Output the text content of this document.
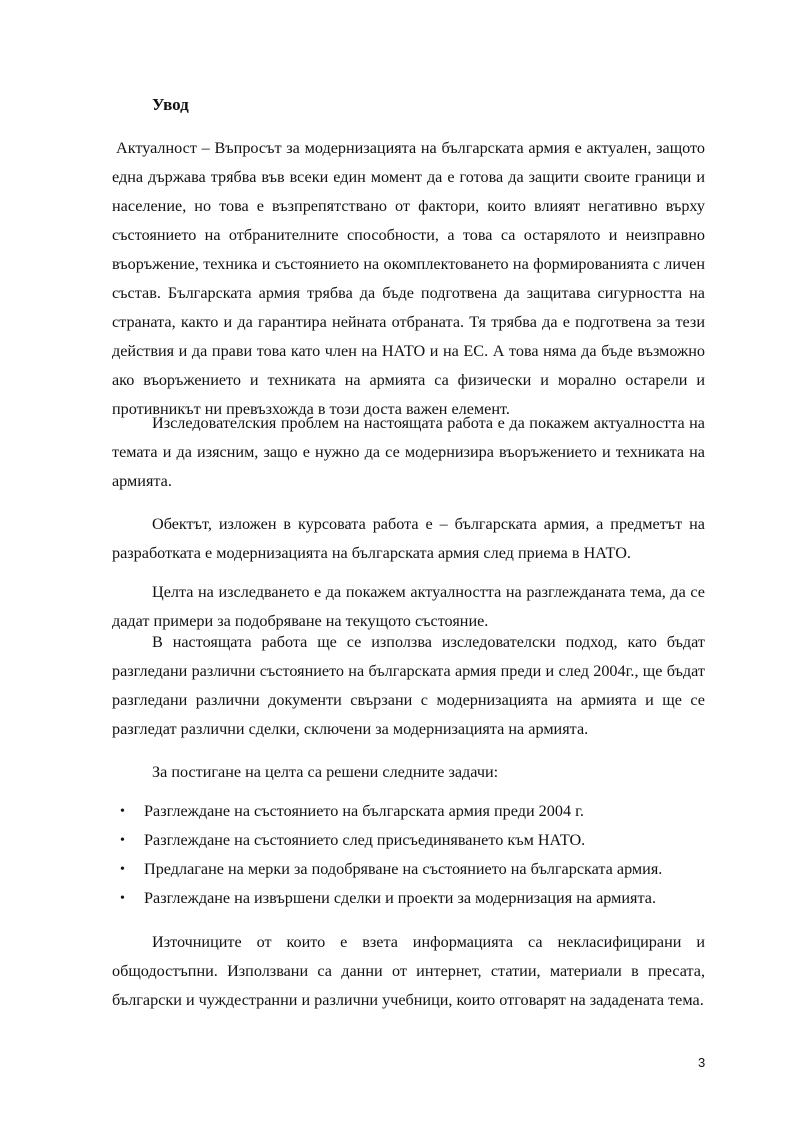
Увод

Актуалност – Въпросът за модернизацията на българската армия е актуален, защото една държава трябва във всеки един момент да е готова да защити своите граници и население, но това е възпрепятствано от фактори, които влияят негативно върху състоянието на отбранителните способности, а това са остарялото и неизправно въоръжение, техника и състоянието на окомплектоването на формированията с личен състав. Българската армия трябва да бъде подготвена да защитава сигурността на страната, както и да гарантира нейната отбраната. Тя трябва да е подготвена за тези действия и да прави това като член на НАТО и на ЕС. А това няма да бъде възможно ако въоръжението и техниката на армията са физически и морално остарели и противникът ни превъзхожда в този доста важен елемент.

Изследователския проблем на настоящата работа е да покажем актуалността на темата и да изясним, защо е нужно да се модернизира въоръжението и техниката на армията.

Обектът, изложен в курсовата работа е – българската армия, а предметът на разработката е модернизацията на българската армия след приема в НАТО.

Целта на изследването е да покажем актуалността на разглежданата тема, да се дадат примери за подобряване на текущото състояние.

В настоящата работа ще се използва изследователски подход, като бъдат разгледани различни състоянието на българската армия преди и след 2004г., ще бъдат разгледани различни документи свързани с модернизацията на армията и ще се разгледат различни сделки, сключени за модернизацията на армията.

За постигане на целта са решени следните задачи:

• Разглеждане на състоянието на българската армия преди 2004 г.
• Разглеждане на състоянието след присъединяването към НАТО.
• Предлагане на мерки за подобряване на състоянието на българската армия.
• Разглеждане на извършени сделки и проекти за модернизация на армията.

Източниците от които е взета информацията са некласифицирани и общодостъпни. Използвани са данни от интернет, статии, материали в пресата, български и чуждестранни и различни учебници, които отговарят на зададената тема.

3
